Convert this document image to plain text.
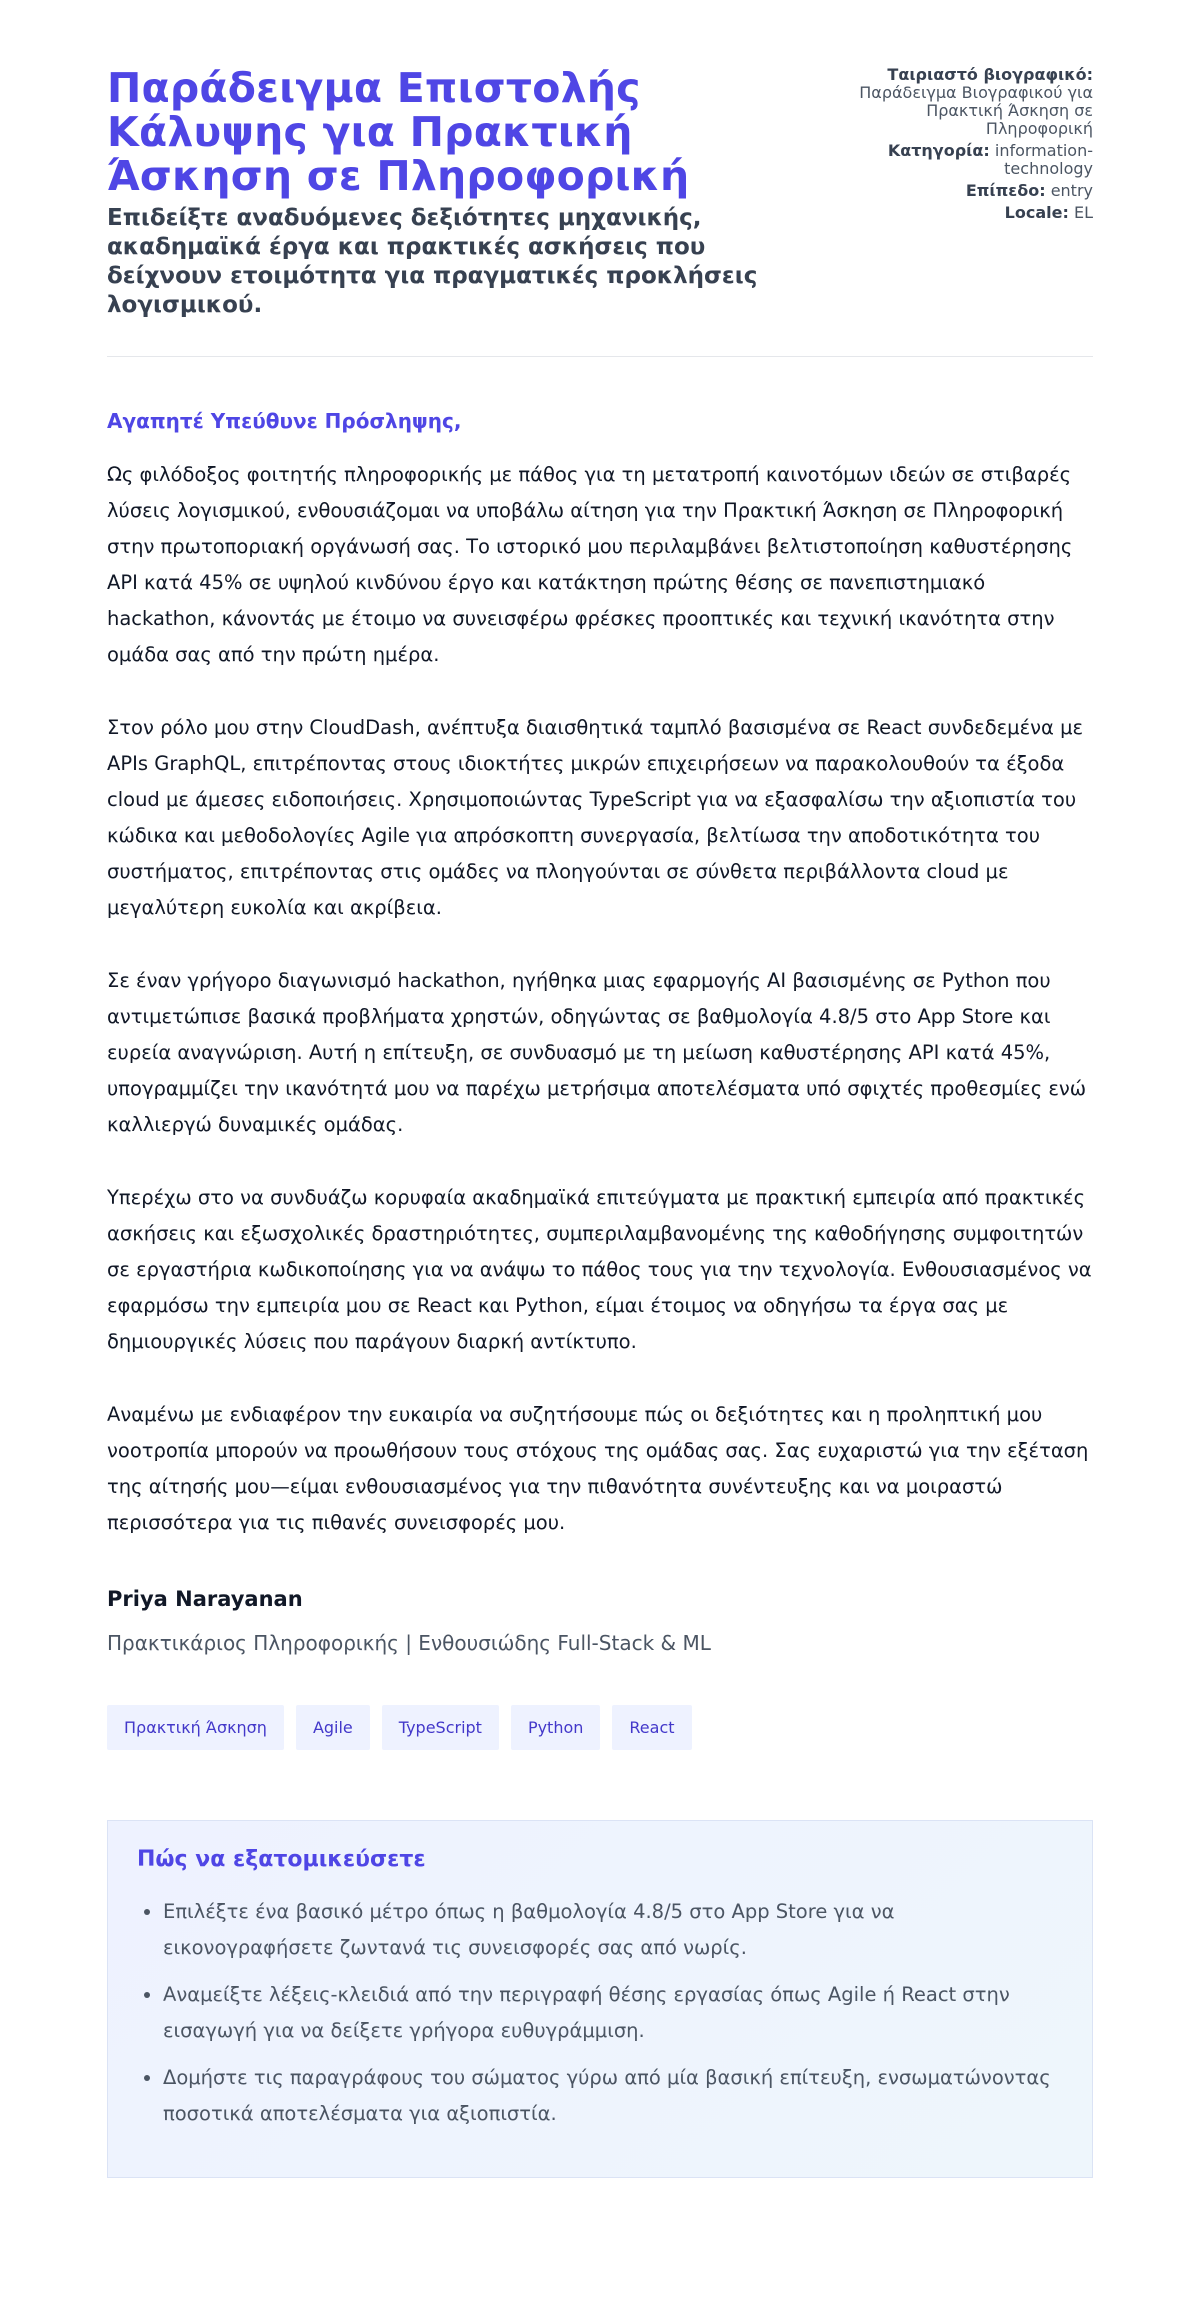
Παράδειγμα Επιστολής Κάλυψης για Πρακτική Άσκηση σε Πληροφορική
Επιδείξτε αναδυόμενες δεξιότητες μηχανικής, ακαδημαϊκά έργα και πρακτικές ασκήσεις που δείχνουν ετοιμότητα για πραγματικές προκλήσεις λογισμικού.
Ταιριαστό βιογραφικό:
Παράδειγμα Βιογραφικού για Πρακτική Άσκηση σε Πληροφορική
Κατηγορία: information-technology
Επίπεδο: entry
Locale: EL
Αγαπητέ Υπεύθυνε Πρόσληψης,

Ως φιλόδοξος φοιτητής πληροφορικής με πάθος για τη μετατροπή καινοτόμων ιδεών σε στιβαρές λύσεις λογισμικού, ενθουσιάζομαι να υποβάλω αίτηση για την Πρακτική Άσκηση σε Πληροφορική στην πρωτοποριακή οργάνωσή σας. Το ιστορικό μου περιλαμβάνει βελτιστοποίηση καθυστέρησης API κατά 45% σε υψηλού κινδύνου έργο και κατάκτηση πρώτης θέσης σε πανεπιστημιακό hackathon, κάνοντάς με έτοιμο να συνεισφέρω φρέσκες προοπτικές και τεχνική ικανότητα στην ομάδα σας από την πρώτη ημέρα.

Στον ρόλο μου στην CloudDash, ανέπτυξα διαισθητικά ταμπλό βασισμένα σε React συνδεδεμένα με APIs GraphQL, επιτρέποντας στους ιδιοκτήτες μικρών επιχειρήσεων να παρακολουθούν τα έξοδα cloud με άμεσες ειδοποιήσεις. Χρησιμοποιώντας TypeScript για να εξασφαλίσω την αξιοπιστία του κώδικα και μεθοδολογίες Agile για απρόσκοπτη συνεργασία, βελτίωσα την αποδοτικότητα του συστήματος, επιτρέποντας στις ομάδες να πλοηγούνται σε σύνθετα περιβάλλοντα cloud με μεγαλύτερη ευκολία και ακρίβεια.

Σε έναν γρήγορο διαγωνισμό hackathon, ηγήθηκα μιας εφαρμογής AI βασισμένης σε Python που αντιμετώπισε βασικά προβλήματα χρηστών, οδηγώντας σε βαθμολογία 4.8/5 στο App Store και ευρεία αναγνώριση. Αυτή η επίτευξη, σε συνδυασμό με τη μείωση καθυστέρησης API κατά 45%, υπογραμμίζει την ικανότητά μου να παρέχω μετρήσιμα αποτελέσματα υπό σφιχτές προθεσμίες ενώ καλλιεργώ δυναμικές ομάδας.

Υπερέχω στο να συνδυάζω κορυφαία ακαδημαϊκά επιτεύγματα με πρακτική εμπειρία από πρακτικές ασκήσεις και εξωσχολικές δραστηριότητες, συμπεριλαμβανομένης της καθοδήγησης συμφοιτητών σε εργαστήρια κωδικοποίησης για να ανάψω το πάθος τους για την τεχνολογία. Ενθουσιασμένος να εφαρμόσω την εμπειρία μου σε React και Python, είμαι έτοιμος να οδηγήσω τα έργα σας με δημιουργικές λύσεις που παράγουν διαρκή αντίκτυπο.

Αναμένω με ενδιαφέρον την ευκαιρία να συζητήσουμε πώς οι δεξιότητες και η προληπτική μου νοοτροπία μπορούν να προωθήσουν τους στόχους της ομάδας σας. Σας ευχαριστώ για την εξέταση της αίτησής μου—είμαι ενθουσιασμένος για την πιθανότητα συνέντευξης και να μοιραστώ περισσότερα για τις πιθανές συνεισφορές μου.

Priya Narayanan
Πρακτικάριος Πληροφορικής | Ενθουσιώδης Full-Stack & ML
Πρακτική Άσκηση	Agile	TypeScript	Python	React
Πώς να εξατομικεύσετε
• Επιλέξτε ένα βασικό μέτρο όπως η βαθμολογία 4.8/5 στο App Store για να εικονογραφήσετε ζωντανά τις συνεισφορές σας από νωρίς.
• Αναμείξτε λέξεις-κλειδιά από την περιγραφή θέσης εργασίας όπως Agile ή React στην εισαγωγή για να δείξετε γρήγορα ευθυγράμμιση.
• Δομήστε τις παραγράφους του σώματος γύρω από μία βασική επίτευξη, ενσωματώνοντας ποσοτικά αποτελέσματα για αξιοπιστία.
